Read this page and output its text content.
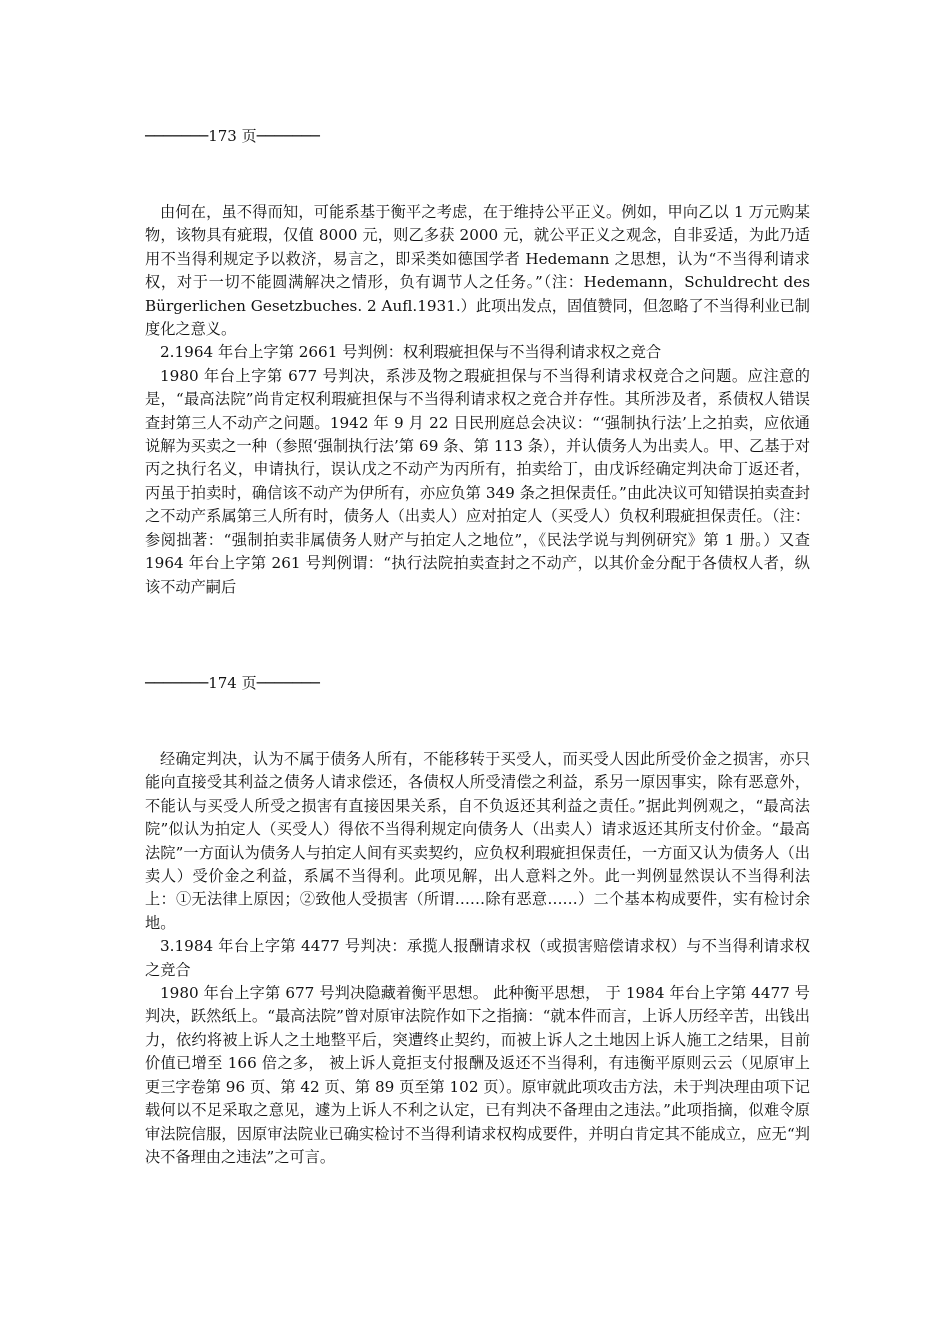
───────173 页───────

由何在，虽不得而知，可能系基于衡平之考虑，在于维持公平正义。例如，甲向乙以 1 万元购某物，该物具有疵瑕，仅值 8000 元，则乙多获 2000 元，就公平正义之观念，自非妥适，为此乃适用不当得利规定予以救济，易言之，即采类如德国学者 Hedemann 之思想，认为“不当得利请求权，对于一切不能圆满解决之情形，负有调节人之任务。”（注：Hedemann，Schuldrecht des Bürgerlichen Gesetzbuches. 2 Aufl.1931.）此项出发点，固值赞同，但忽略了不当得利业已制度化之意义。

2.1964 年台上字第 2661 号判例：权利瑕疵担保与不当得利请求权之竞合

1980 年台上字第 677 号判决，系涉及物之瑕疵担保与不当得利请求权竞合之问题。应注意的是，“最高法院”尚肯定权利瑕疵担保与不当得利请求权之竞合并存性。其所涉及者，系债权人错误查封第三人不动产之问题。1942 年 9 月 22 日民刑庭总会决议：“‘强制执行法’上之拍卖，应依通说解为买卖之一种（参照‘强制执行法’第 69 条、第 113 条），并认债务人为出卖人。甲、乙基于对丙之执行名义，申请执行，误认戊之不动产为丙所有，拍卖给丁，由戊诉经确定判决命丁返还者，丙虽于拍卖时，确信该不动产为伊所有，亦应负第 349 条之担保责任。”由此决议可知错误拍卖查封之不动产系属第三人所有时，债务人（出卖人）应对拍定人（买受人）负权利瑕疵担保责任。（注：参阅拙著：“强制拍卖非属债务人财产与拍定人之地位”，《民法学说与判例研究》第 1 册。）又查 1964 年台上字第 261 号判例谓：“执行法院拍卖查封之不动产，以其价金分配于各债权人者，纵该不动产嗣后

───────174 页───────

经确定判决，认为不属于债务人所有，不能移转于买受人，而买受人因此所受价金之损害，亦只能向直接受其利益之债务人请求偿还，各债权人所受清偿之利益，系另一原因事实，除有恶意外，不能认与买受人所受之损害有直接因果关系，自不负返还其利益之责任。”据此判例观之，“最高法院”似认为拍定人（买受人）得依不当得利规定向债务人（出卖人）请求返还其所支付价金。“最高法院”一方面认为债务人与拍定人间有买卖契约，应负权利瑕疵担保责任，一方面又认为债务人（出卖人）受价金之利益，系属不当得利。此项见解，出人意料之外。此一判例显然误认不当得利法上：①无法律上原因；②致他人受损害（所谓……除有恶意……）二个基本构成要件，实有检讨余地。

3.1984 年台上字第 4477 号判决：承揽人报酬请求权（或损害赔偿请求权）与不当得利请求权之竞合

1980 年台上字第 677 号判决隐藏着衡平思想。 此种衡平思想， 于 1984 年台上字第 4477 号判决，跃然纸上。“最高法院”曾对原审法院作如下之指摘：“就本件而言，上诉人历经辛苦，出钱出力，依约将被上诉人之土地整平后，突遭终止契约，而被上诉人之土地因上诉人施工之结果，目前价值已增至 166 倍之多， 被上诉人竟拒支付报酬及返还不当得利，有违衡平原则云云（见原审上更三字卷第 96 页、第 42 页、第 89 页至第 102 页）。原审就此项攻击方法，未于判决理由项下记载何以不足采取之意见，遽为上诉人不利之认定，已有判决不备理由之违法。”此项指摘，似难令原审法院信服，因原审法院业已确实检讨不当得利请求权构成要件，并明白肯定其不能成立，应无“判决不备理由之违法”之可言。
